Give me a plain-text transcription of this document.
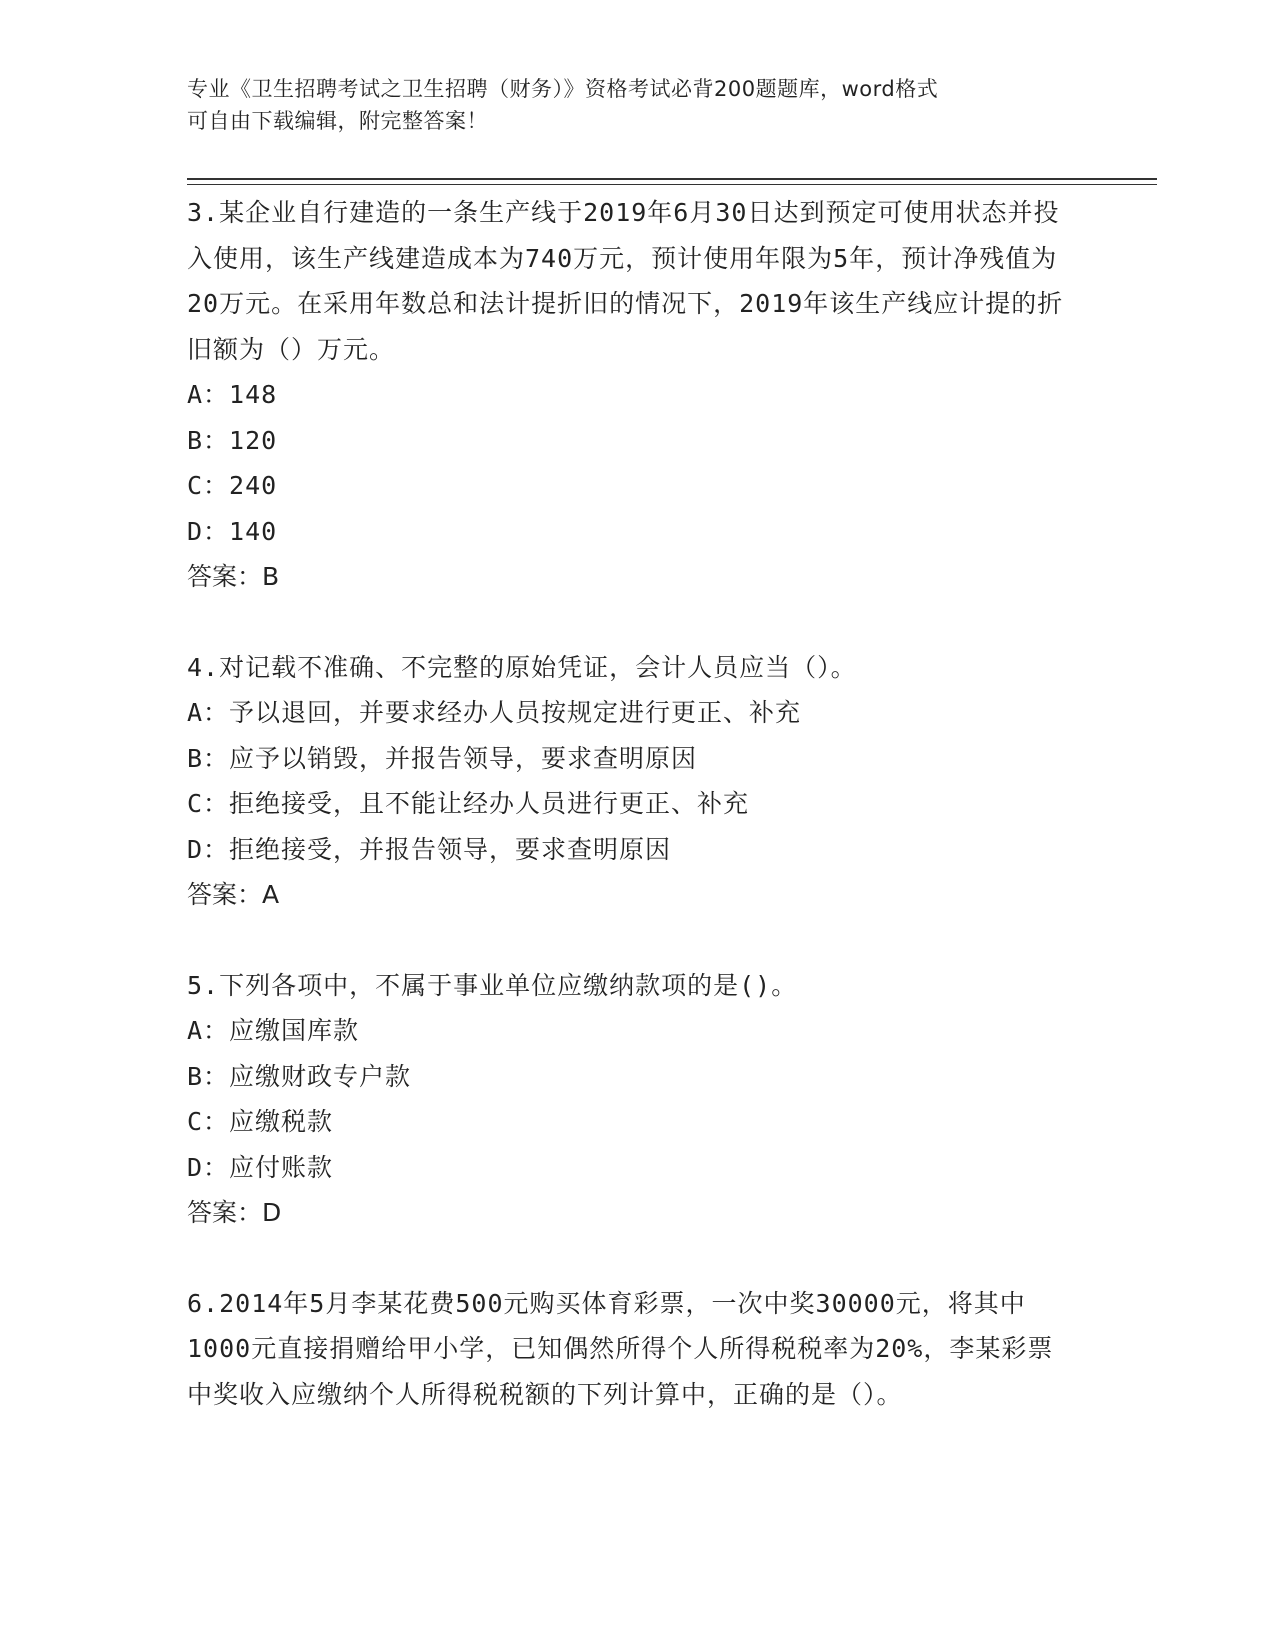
专业《卫生招聘考试之卫生招聘（财务）》资格考试必背200题题库，word格式
可自由下载编辑，附完整答案！
3.某企业自行建造的一条生产线于2019年6月30日达到预定可使用状态并投入使用，该生产线建造成本为740万元，预计使用年限为5年，预计净残值为20万元。在采用年数总和法计提折旧的情况下，2019年该生产线应计提的折旧额为（）万元。
A：148
B：120
C：240
D：140
答案：B
4.对记载不准确、不完整的原始凭证，会计人员应当（）。
A：予以退回，并要求经办人员按规定进行更正、补充
B：应予以销毁，并报告领导，要求查明原因
C：拒绝接受，且不能让经办人员进行更正、补充
D：拒绝接受，并报告领导，要求查明原因
答案：A
5.下列各项中，不属于事业单位应缴纳款项的是()。
A：应缴国库款
B：应缴财政专户款
C：应缴税款
D：应付账款
答案：D
6.2014年5月李某花费500元购买体育彩票，一次中奖30000元，将其中1000元直接捐赠给甲小学，已知偶然所得个人所得税税率为20%，李某彩票中奖收入应缴纳个人所得税税额的下列计算中，正确的是（）。
